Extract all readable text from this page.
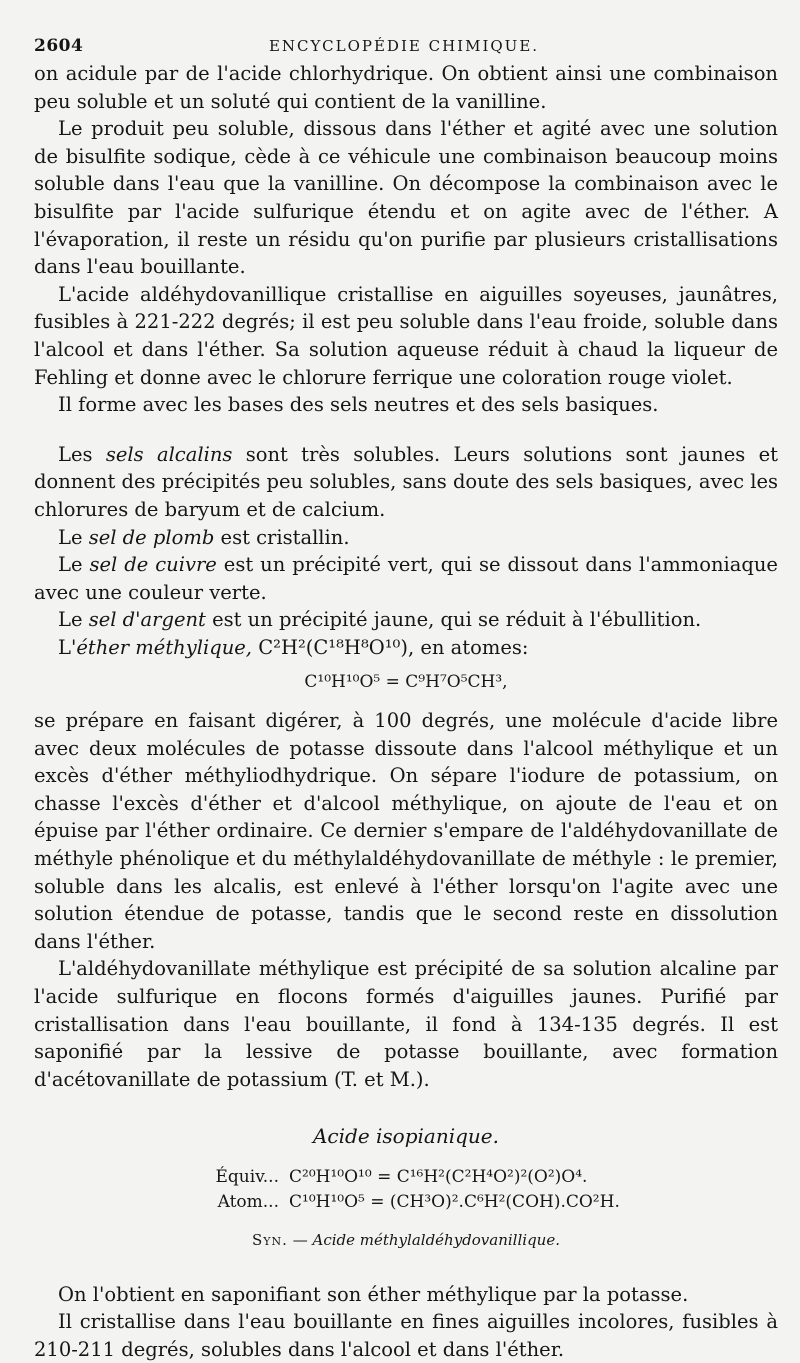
2604	ENCYCLOPÉDIE CHIMIQUE.

on acidule par de l'acide chlorhydrique. On obtient ainsi une combinaison peu soluble et un soluté qui contient de la vanilline.

Le produit peu soluble, dissous dans l'éther et agité avec une solution de bisulfite sodique, cède à ce véhicule une combinaison beaucoup moins soluble dans l'eau que la vanilline. On décompose la combinaison avec le bisulfite par l'acide sulfurique étendu et on agite avec de l'éther. A l'évaporation, il reste un résidu qu'on purifie par plusieurs cristallisations dans l'eau bouillante.

L'acide aldéhydovanillique cristallise en aiguilles soyeuses, jaunâtres, fusibles à 221-222 degrés; il est peu soluble dans l'eau froide, soluble dans l'alcool et dans l'éther. Sa solution aqueuse réduit à chaud la liqueur de Fehling et donne avec le chlorure ferrique une coloration rouge violet.

Il forme avec les bases des sels neutres et des sels basiques.

Les sels alcalins sont très solubles. Leurs solutions sont jaunes et donnent des précipités peu solubles, sans doute des sels basiques, avec les chlorures de baryum et de calcium.

Le sel de plomb est cristallin.

Le sel de cuivre est un précipité vert, qui se dissout dans l'ammoniaque avec une couleur verte.

Le sel d'argent est un précipité jaune, qui se réduit à l'ébullition.

L'éther méthylique, C²H²(C¹⁸H⁸O¹⁰), en atomes:

C¹⁰H¹⁰O⁵ = C⁹H⁷O⁵CH³,

se prépare en faisant digérer, à 100 degrés, une molécule d'acide libre avec deux molécules de potasse dissoute dans l'alcool méthylique et un excès d'éther méthyliodhydrique. On sépare l'iodure de potassium, on chasse l'excès d'éther et d'alcool méthylique, on ajoute de l'eau et on épuise par l'éther ordinaire. Ce dernier s'empare de l'aldéhydovanillate de méthyle phénolique et du méthylaldéhydovanillate de méthyle : le premier, soluble dans les alcalis, est enlevé à l'éther lorsqu'on l'agite avec une solution étendue de potasse, tandis que le second reste en dissolution dans l'éther.

L'aldéhydovanillate méthylique est précipité de sa solution alcaline par l'acide sulfurique en flocons formés d'aiguilles jaunes. Purifié par cristallisation dans l'eau bouillante, il fond à 134-135 degrés. Il est saponifié par la lessive de potasse bouillante, avec formation d'acétovanillate de potassium (T. et M.).

Acide isopianique.
Équiv... C²⁰H¹⁰O¹⁰ = C¹⁶H²(C²H⁴O²)²(O²)O⁴.
Atom... C¹⁰H¹⁰O⁵ = (CH³O)².C⁶H²(COH).CO²H.
Syn. — Acide méthylaldéhydovanillique.

On l'obtient en saponifiant son éther méthylique par la potasse.

Il cristallise dans l'eau bouillante en fines aiguilles incolores, fusibles à 210-211 degrés, solubles dans l'alcool et dans l'éther.
